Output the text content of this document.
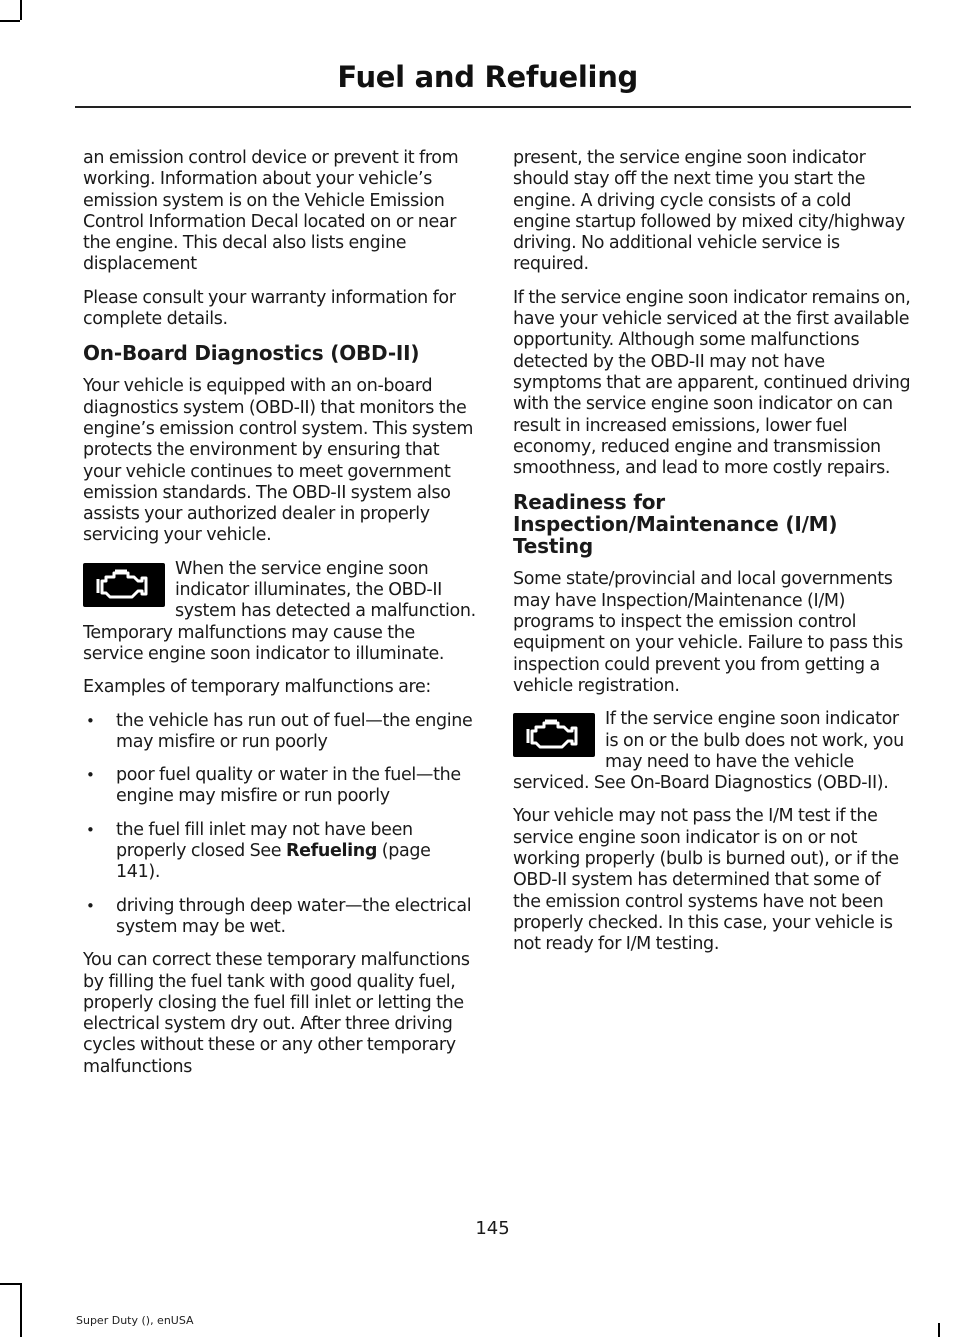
Fuel and Refueling

an emission control device or prevent it from working. Information about your vehicle’s emission system is on the Vehicle Emission Control Information Decal located on or near the engine. This decal also lists engine displacement

Please consult your warranty information for complete details.

On-Board Diagnostics (OBD-II)

Your vehicle is equipped with an on-board diagnostics system (OBD-II) that monitors the engine’s emission control system. This system protects the environment by ensuring that your vehicle continues to meet government emission standards. The OBD-II system also assists your authorized dealer in properly servicing your vehicle.

When the service engine soon indicator illuminates, the OBD-II system has detected a malfunction. Temporary malfunctions may cause the service engine soon indicator to illuminate.

Examples of temporary malfunctions are:

• the vehicle has run out of fuel—the engine may misfire or run poorly
• poor fuel quality or water in the fuel—the engine may misfire or run poorly
• the fuel fill inlet may not have been properly closed See Refueling (page 141).
• driving through deep water—the electrical system may be wet.

You can correct these temporary malfunctions by filling the fuel tank with good quality fuel, properly closing the fuel fill inlet or letting the electrical system dry out. After three driving cycles without these or any other temporary malfunctions

present, the service engine soon indicator should stay off the next time you start the engine. A driving cycle consists of a cold engine startup followed by mixed city/highway driving. No additional vehicle service is required.

If the service engine soon indicator remains on, have your vehicle serviced at the first available opportunity. Although some malfunctions detected by the OBD-II may not have symptoms that are apparent, continued driving with the service engine soon indicator on can result in increased emissions, lower fuel economy, reduced engine and transmission smoothness, and lead to more costly repairs.

Readiness for Inspection/Maintenance (I/M) Testing

Some state/provincial and local governments may have Inspection/Maintenance (I/M) programs to inspect the emission control equipment on your vehicle. Failure to pass this inspection could prevent you from getting a vehicle registration.

If the service engine soon indicator is on or the bulb does not work, you may need to have the vehicle serviced. See On-Board Diagnostics (OBD-II).

Your vehicle may not pass the I/M test if the service engine soon indicator is on or not working properly (bulb is burned out), or if the OBD-II system has determined that some of the emission control systems have not been properly checked. In this case, your vehicle is not ready for I/M testing.

145
Super Duty (), enUSA
